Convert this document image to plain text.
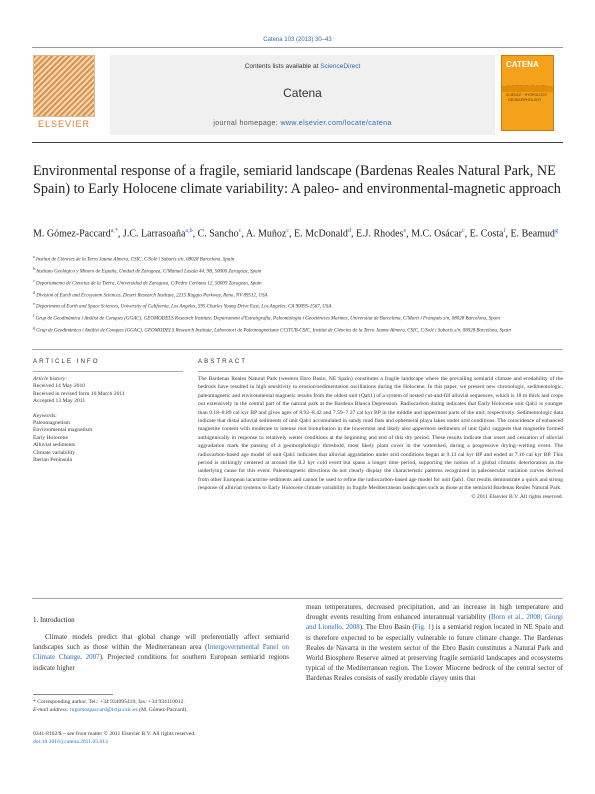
Catena 103 (2013) 30–43
ELSEVIER
Contents lists available at ScienceDirect
Catena
journal homepage: www.elsevier.com/locate/catena
CATENA
SCIENCE · HYDROLOGY · GEOMORPHOLOGY
Environmental response of a fragile, semiarid landscape (Bardenas Reales Natural Park, NE Spain) to Early Holocene climate variability: A paleo- and environmental-magnetic approach
M. Gómez-Paccard$^{a,*}$, J.C. Larrasoaña$^{a,b}$, C. Sancho$^c$, A. Muñoz$^c$, E. McDonald$^d$, E.J. Rhodes$^e$, M.C. Osácar$^c$, E. Costa$^f$, E. Beamud$^g$
$^a$ Institut de Ciències de la Terra Jaume Almera, CSIC, C/Solé i Sabarís s/n, 08028 Barcelona, Spain
$^b$ Instituto Geológico y Minero de España, Unidad de Zaragoza, C/Manuel Lasala 44, 9B, 50006 Zaragoza, Spain
$^c$ Departamento de Ciencias de la Tierra, Universidad de Zaragoza, C/Pedro Cerbuna 12, 50009 Zaragoza, Spain
$^d$ Division of Earth and Ecosystem Sciences, Desert Research Institute, 2215 Raggio Parkway, Reno, NV 89512, USA
$^e$ Department of Earth and Space Sciences, University of California, Los Angeles, 595 Charles Young Drive East, Los Angeles, CA 90095-1567, USA
$^f$ Grup de Geodinàmica i Anàlisi de Conques (GGAC), GEOMODELS Research Institute, Departament d'Estratigrafia, Paleontologia i Geociències Marines, Universitat de Barcelona, C/Martí i Franquès s/n, 08028 Barcelona, Spain
$^g$ Grup de Geodinàmica i Anàlisi de Conques (GGAC), GEOMODELS Research Institute, Laboratori de Paleomagnetisme CCiTUB-CSIC, Institut de Ciències de la Terra Jaume Almera, CSIC, C/Solé i Sabarís s/n, 08028 Barcelona, Spain
ARTICLE INFO
Article history:
Received 14 May 2010
Received in revised form 10 March 2011
Accepted 13 May 2011
Keywords:
Paleomagnetism
Environmental magnetism
Early Holocene
Alluvial sediments
Climate variability
Iberian Peninsula
ABSTRACT
The Bardenas Reales Natural Park (western Ebro Basin, NE Spain) constitutes a fragile landscape where the prevailing semiarid climate and erodability of the bedrock have resulted in high sensitivity to erosion/sedimentation oscillations during the Holocene. In this paper, we present new chronologic, sedimentologic, paleomagnetic and environmental magnetic results from the oldest unit (Qah1) of a system of nested cut-and-fill alluvial sequences, which is 18 m thick and crops out extensively in the central part of the natural park at the Bardena Blanca Depression. Radiocarbon dating indicates that Early Holocene unit Qah1 is younger than 9.18–8.89 cal kyr BP and gives ages of 8.92–8.42 and 7.59–7.37 cal kyr BP in the middle and uppermost parts of the unit, respectively. Sedimentologic data indicate that distal alluvial sediments of unit Qah1 accumulated in sandy mud flats and ephemeral playa lakes under arid conditions. The coincidence of enhanced magnetite content with moderate to intense root bioturbation in the lowermost and likely also uppermost sediments of unit Qah1 suggests that magnetite formed authigenically in response to relatively wetter conditions at the beginning and end of this dry period. These results indicate that onset and cessation of alluvial aggradation mark the passing of a geomorphologic threshold, most likely plant cover in the watershed, during a progressive drying–wetting event. The radiocarbon-based age model of unit Qah1 indicates that alluvial aggradation under arid conditions began at 9.13 cal kyr BP and ended at 7.16 cal kyr BP. This period is strikingly centered at around the 8.2 kyr cold event but spans a longer time period, supporting the notion of a global climatic deterioration as the underlying cause for this event. Paleomagnetic directions do not clearly display the characteristic patterns recognized in paleosecular variation curves derived from other European lacustrine sediments and cannot be used to refine the radiocarbon-based age model for unit Qah1. Our results demonstrate a quick and strong response of alluvial systems to Early Holocene climate variability in fragile Mediterranean landscapes such as those at the semiarid Bardenas Reales Natural Park.
© 2011 Elsevier B.V. All rights reserved.
1. Introduction
Climate models predict that global change will preferentially affect semiarid landscapes such as those within the Mediterranean area (Intergovernmental Panel on Climate Change, 2007). Projected conditions for southern European semiarid regions indicate higher
mean temperatures, decreased precipitation, and an increase in high temperature and drought events resulting from enhanced interannual variability (Born et al., 2008; Giorgi and Lionello, 2008). The Ebro Basin (Fig. 1) is a semiarid region located in NE Spain and is therefore expected to be especially vulnerable to future climate change. The Bardenas Reales de Navarra in the western sector of the Ebro Basin constitutes a Natural Park and World Biosphere Reserve aimed at preserving fragile semiarid landscapes and ecosystems typical of the Mediterranean region. The Lower Miocene bedrock of the central sector of Bardenas Reales consists of easily erodable clayey units that
* Corresponding author. Tel.: +34 934095410; fax: +34 934110012.
E-mail address: mgomezpaccard@ictja.csic.es (M. Gómez-Paccard).
0341-8162/$ – see front matter © 2011 Elsevier B.V. All rights reserved.
doi:10.1016/j.catena.2011.05.013
